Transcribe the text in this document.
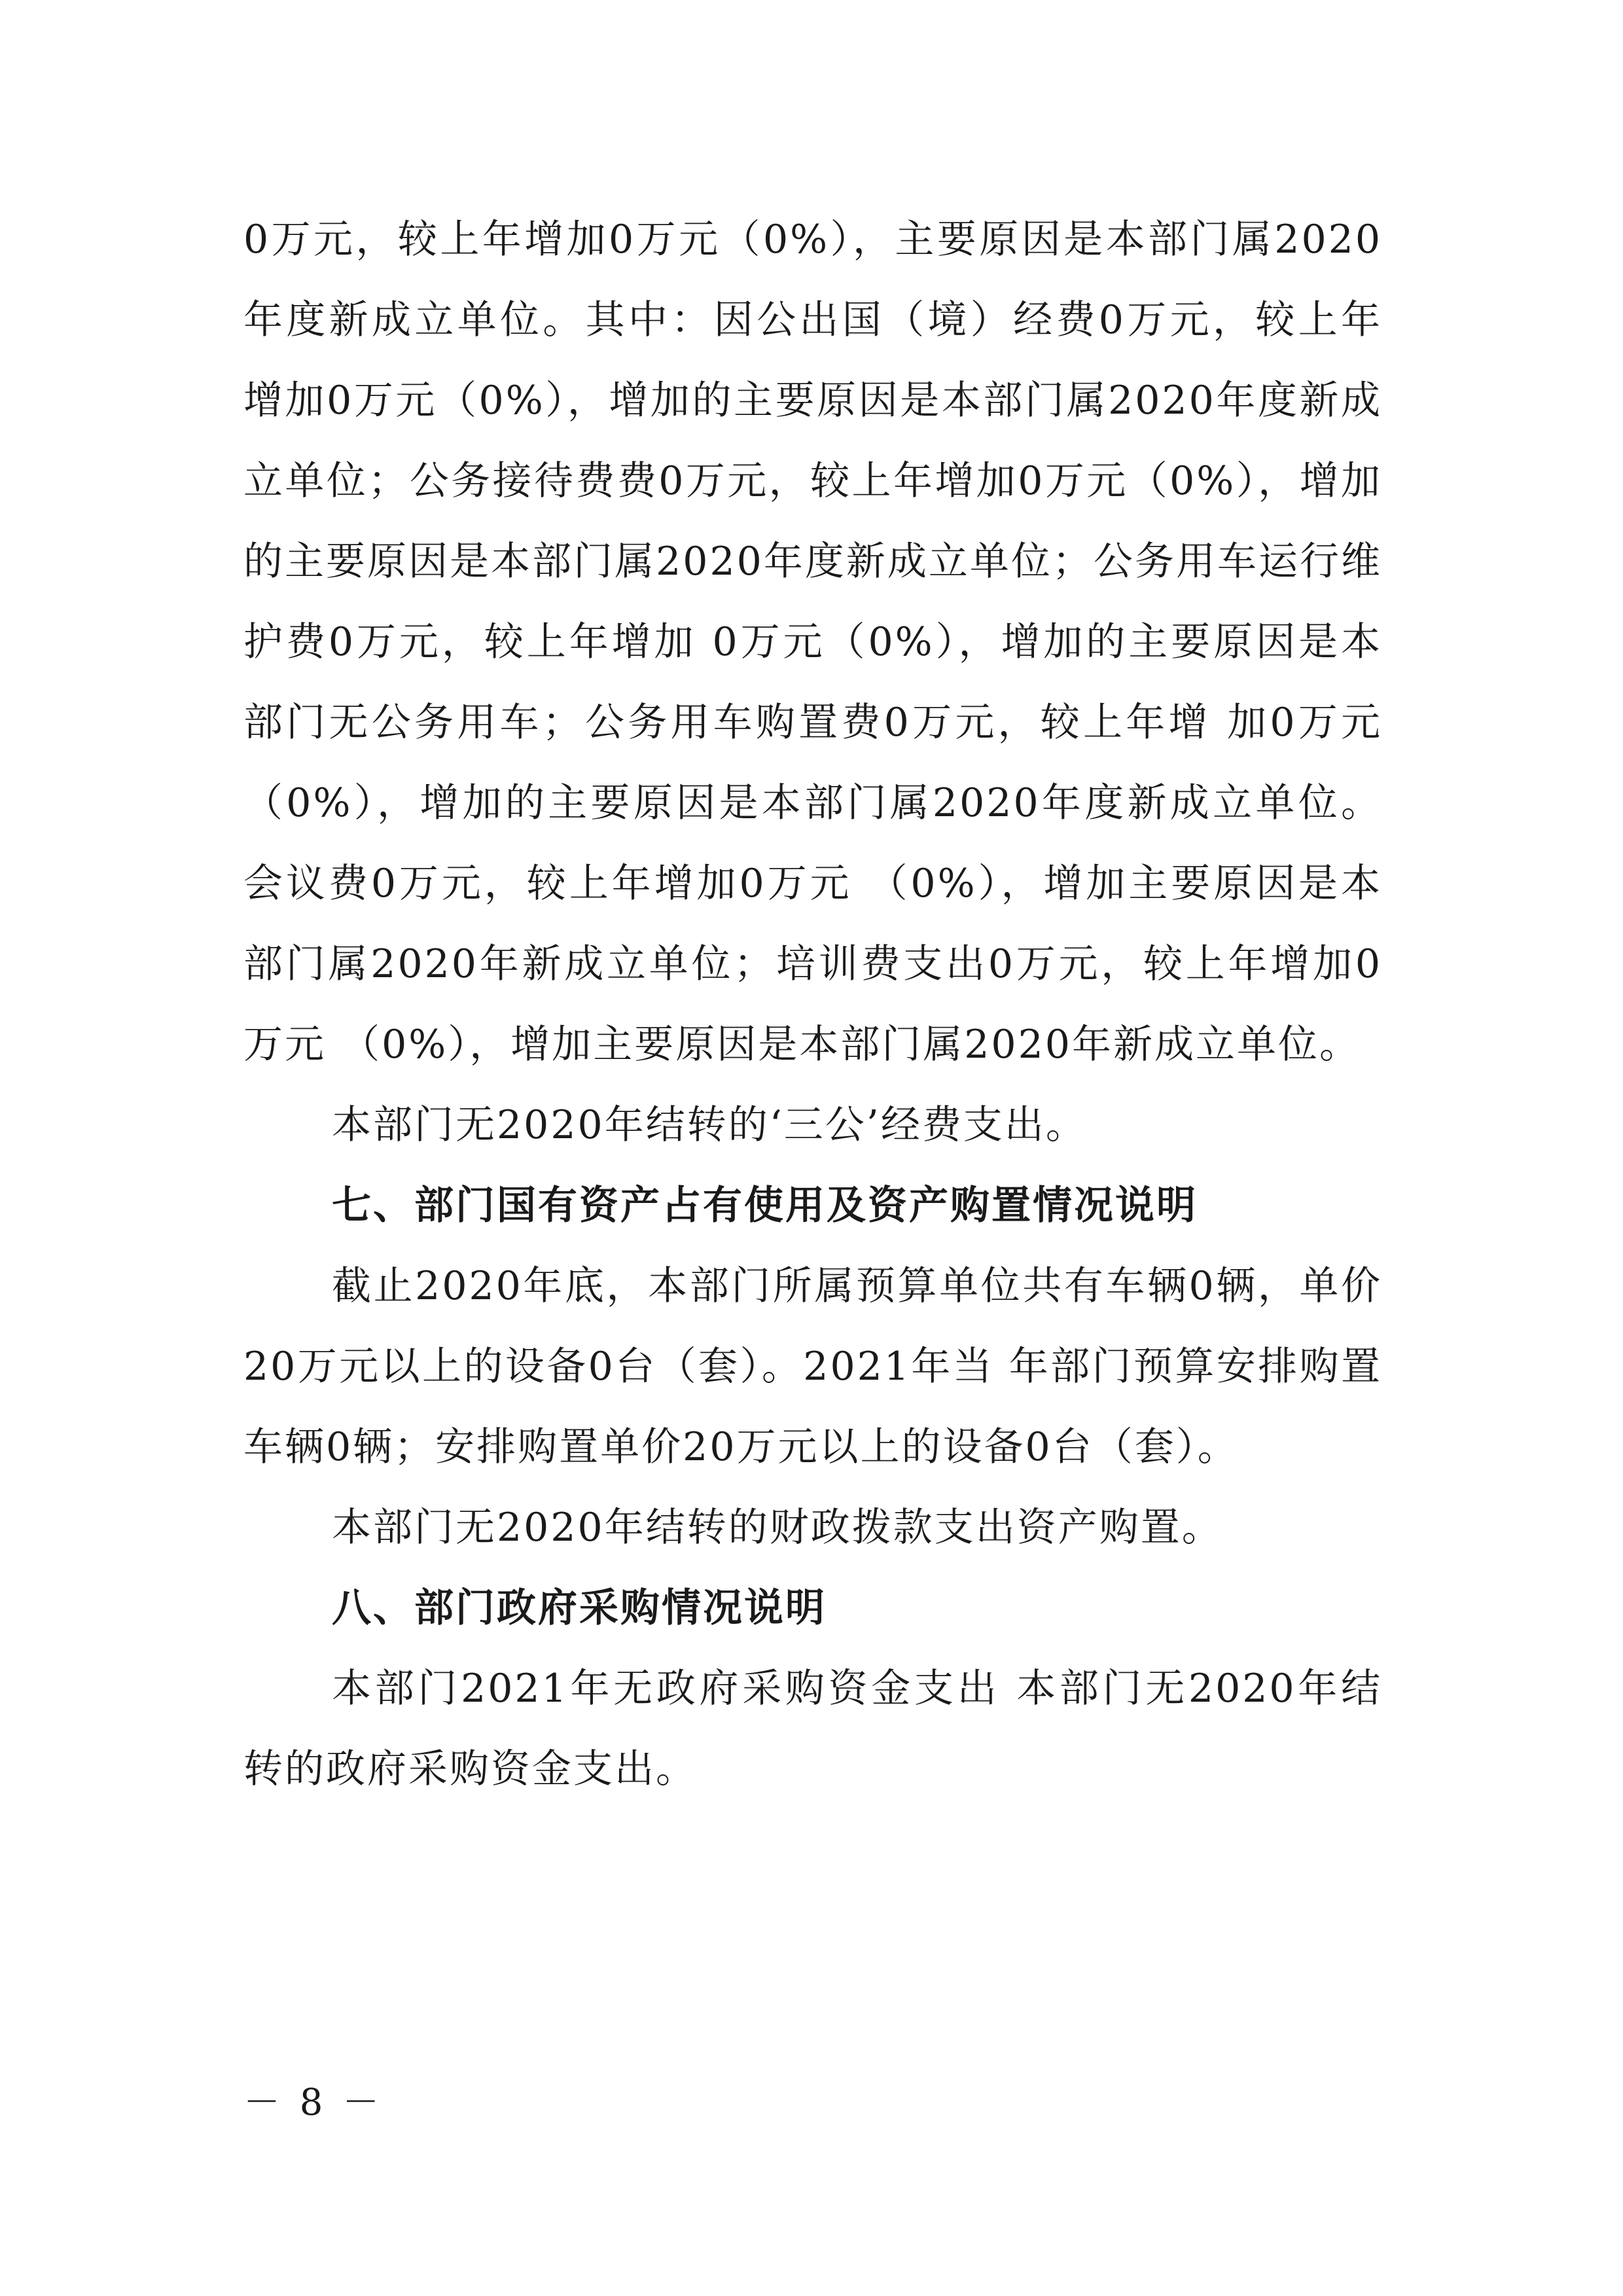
0万元，较上年增加0万元（0%），主要原因是本部门属2020年度新成立单位。其中：因公出国（境）经费0万元，较上年增加0万元（0%），增加的主要原因是本部门属2020年度新成立单位；公务接待费费0万元，较上年增加0万元（0%），增加的主要原因是本部门属2020年度新成立单位；公务用车运行维护费0万元，较上年增加 0万元（0%），增加的主要原因是本部门无公务用车；公务用车购置费0万元，较上年增 加0万元（0%），增加的主要原因是本部门属2020年度新成立单位。会议费0万元，较上年增加0万元 （0%），增加主要原因是本部门属2020年新成立单位；培训费支出0万元，较上年增加0万元 （0%），增加主要原因是本部门属2020年新成立单位。

本部门无2020年结转的‘三公’经费支出。

七、部门国有资产占有使用及资产购置情况说明

截止2020年底，本部门所属预算单位共有车辆0辆，单价20万元以上的设备0台（套）。2021年当 年部门预算安排购置车辆0辆；安排购置单价20万元以上的设备0台（套）。

本部门无2020年结转的财政拨款支出资产购置。

八、部门政府采购情况说明

本部门2021年无政府采购资金支出 本部门无2020年结转的政府采购资金支出。

－ 8 －
